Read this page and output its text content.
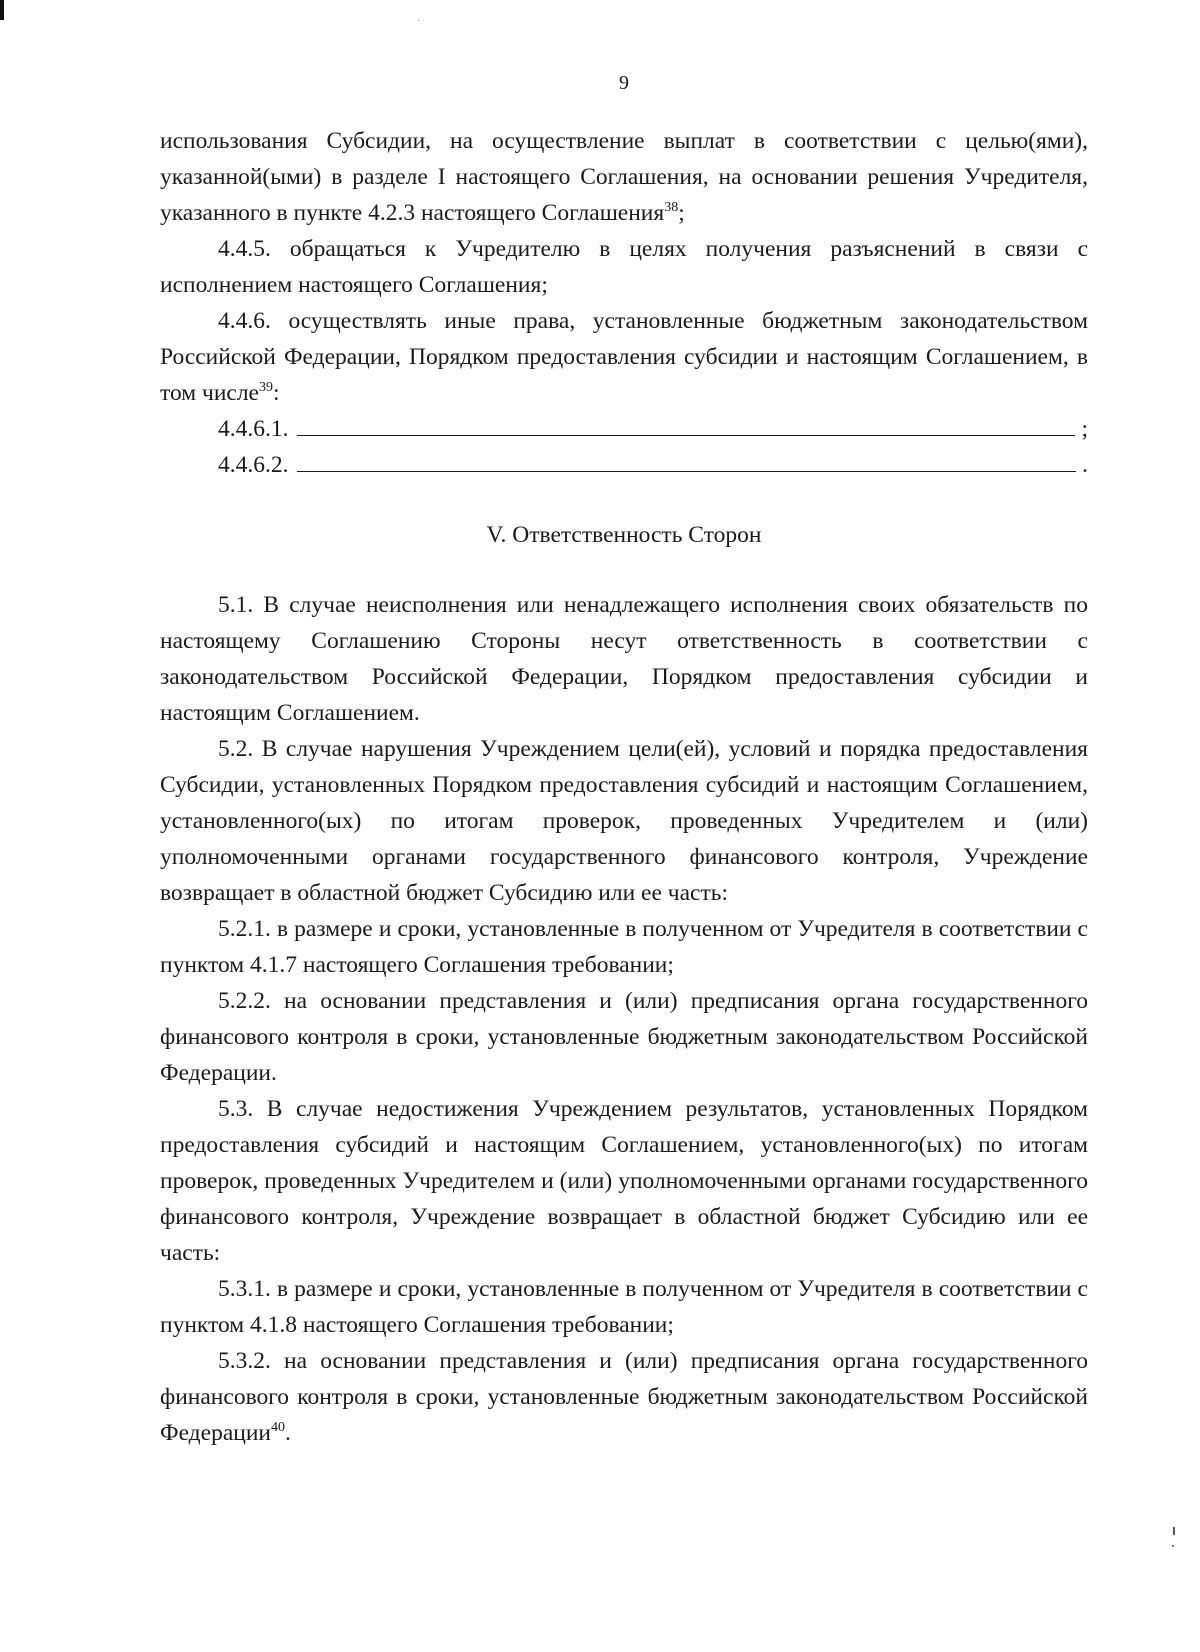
9

использования Субсидии, на осуществление выплат в соответствии с целью(ями), указанной(ыми) в разделе I настоящего Соглашения, на основании решения Учредителя, указанного в пункте 4.2.3 настоящего Соглашения$^{38}$;

4.4.5. обращаться к Учредителю в целях получения разъяснений в связи с исполнением настоящего Соглашения;

4.4.6. осуществлять иные права, установленные бюджетным законодательством Российской Федерации, Порядком предоставления субсидии и настоящим Соглашением, в том числе$^{39}$:

4.4.6.1.	;
4.4.6.2.	.

V. Ответственность Сторон

5.1. В случае неисполнения или ненадлежащего исполнения своих обязательств по настоящему Соглашению Стороны несут ответственность в соответствии с законодательством Российской Федерации, Порядком предоставления субсидии и настоящим Соглашением.

5.2. В случае нарушения Учреждением цели(ей), условий и порядка предоставления Субсидии, установленных Порядком предоставления субсидий и настоящим Соглашением, установленного(ых) по итогам проверок, проведенных Учредителем и (или) уполномоченными органами государственного финансового контроля, Учреждение возвращает в областной бюджет Субсидию или ее часть:

5.2.1. в размере и сроки, установленные в полученном от Учредителя в соответствии с пунктом 4.1.7 настоящего Соглашения требовании;

5.2.2. на основании представления и (или) предписания органа государственного финансового контроля в сроки, установленные бюджетным законодательством Российской Федерации.

5.3. В случае недостижения Учреждением результатов, установленных Порядком предоставления субсидий и настоящим Соглашением, установленного(ых) по итогам проверок, проведенных Учредителем и (или) уполномоченными органами государственного финансового контроля, Учреждение возвращает в областной бюджет Субсидию или ее часть:

5.3.1. в размере и сроки, установленные в полученном от Учредителя в соответствии с пунктом 4.1.8 настоящего Соглашения требовании;

5.3.2. на основании представления и (или) предписания органа государственного финансового контроля в сроки, установленные бюджетным законодательством Российской Федерации$^{40}$.
